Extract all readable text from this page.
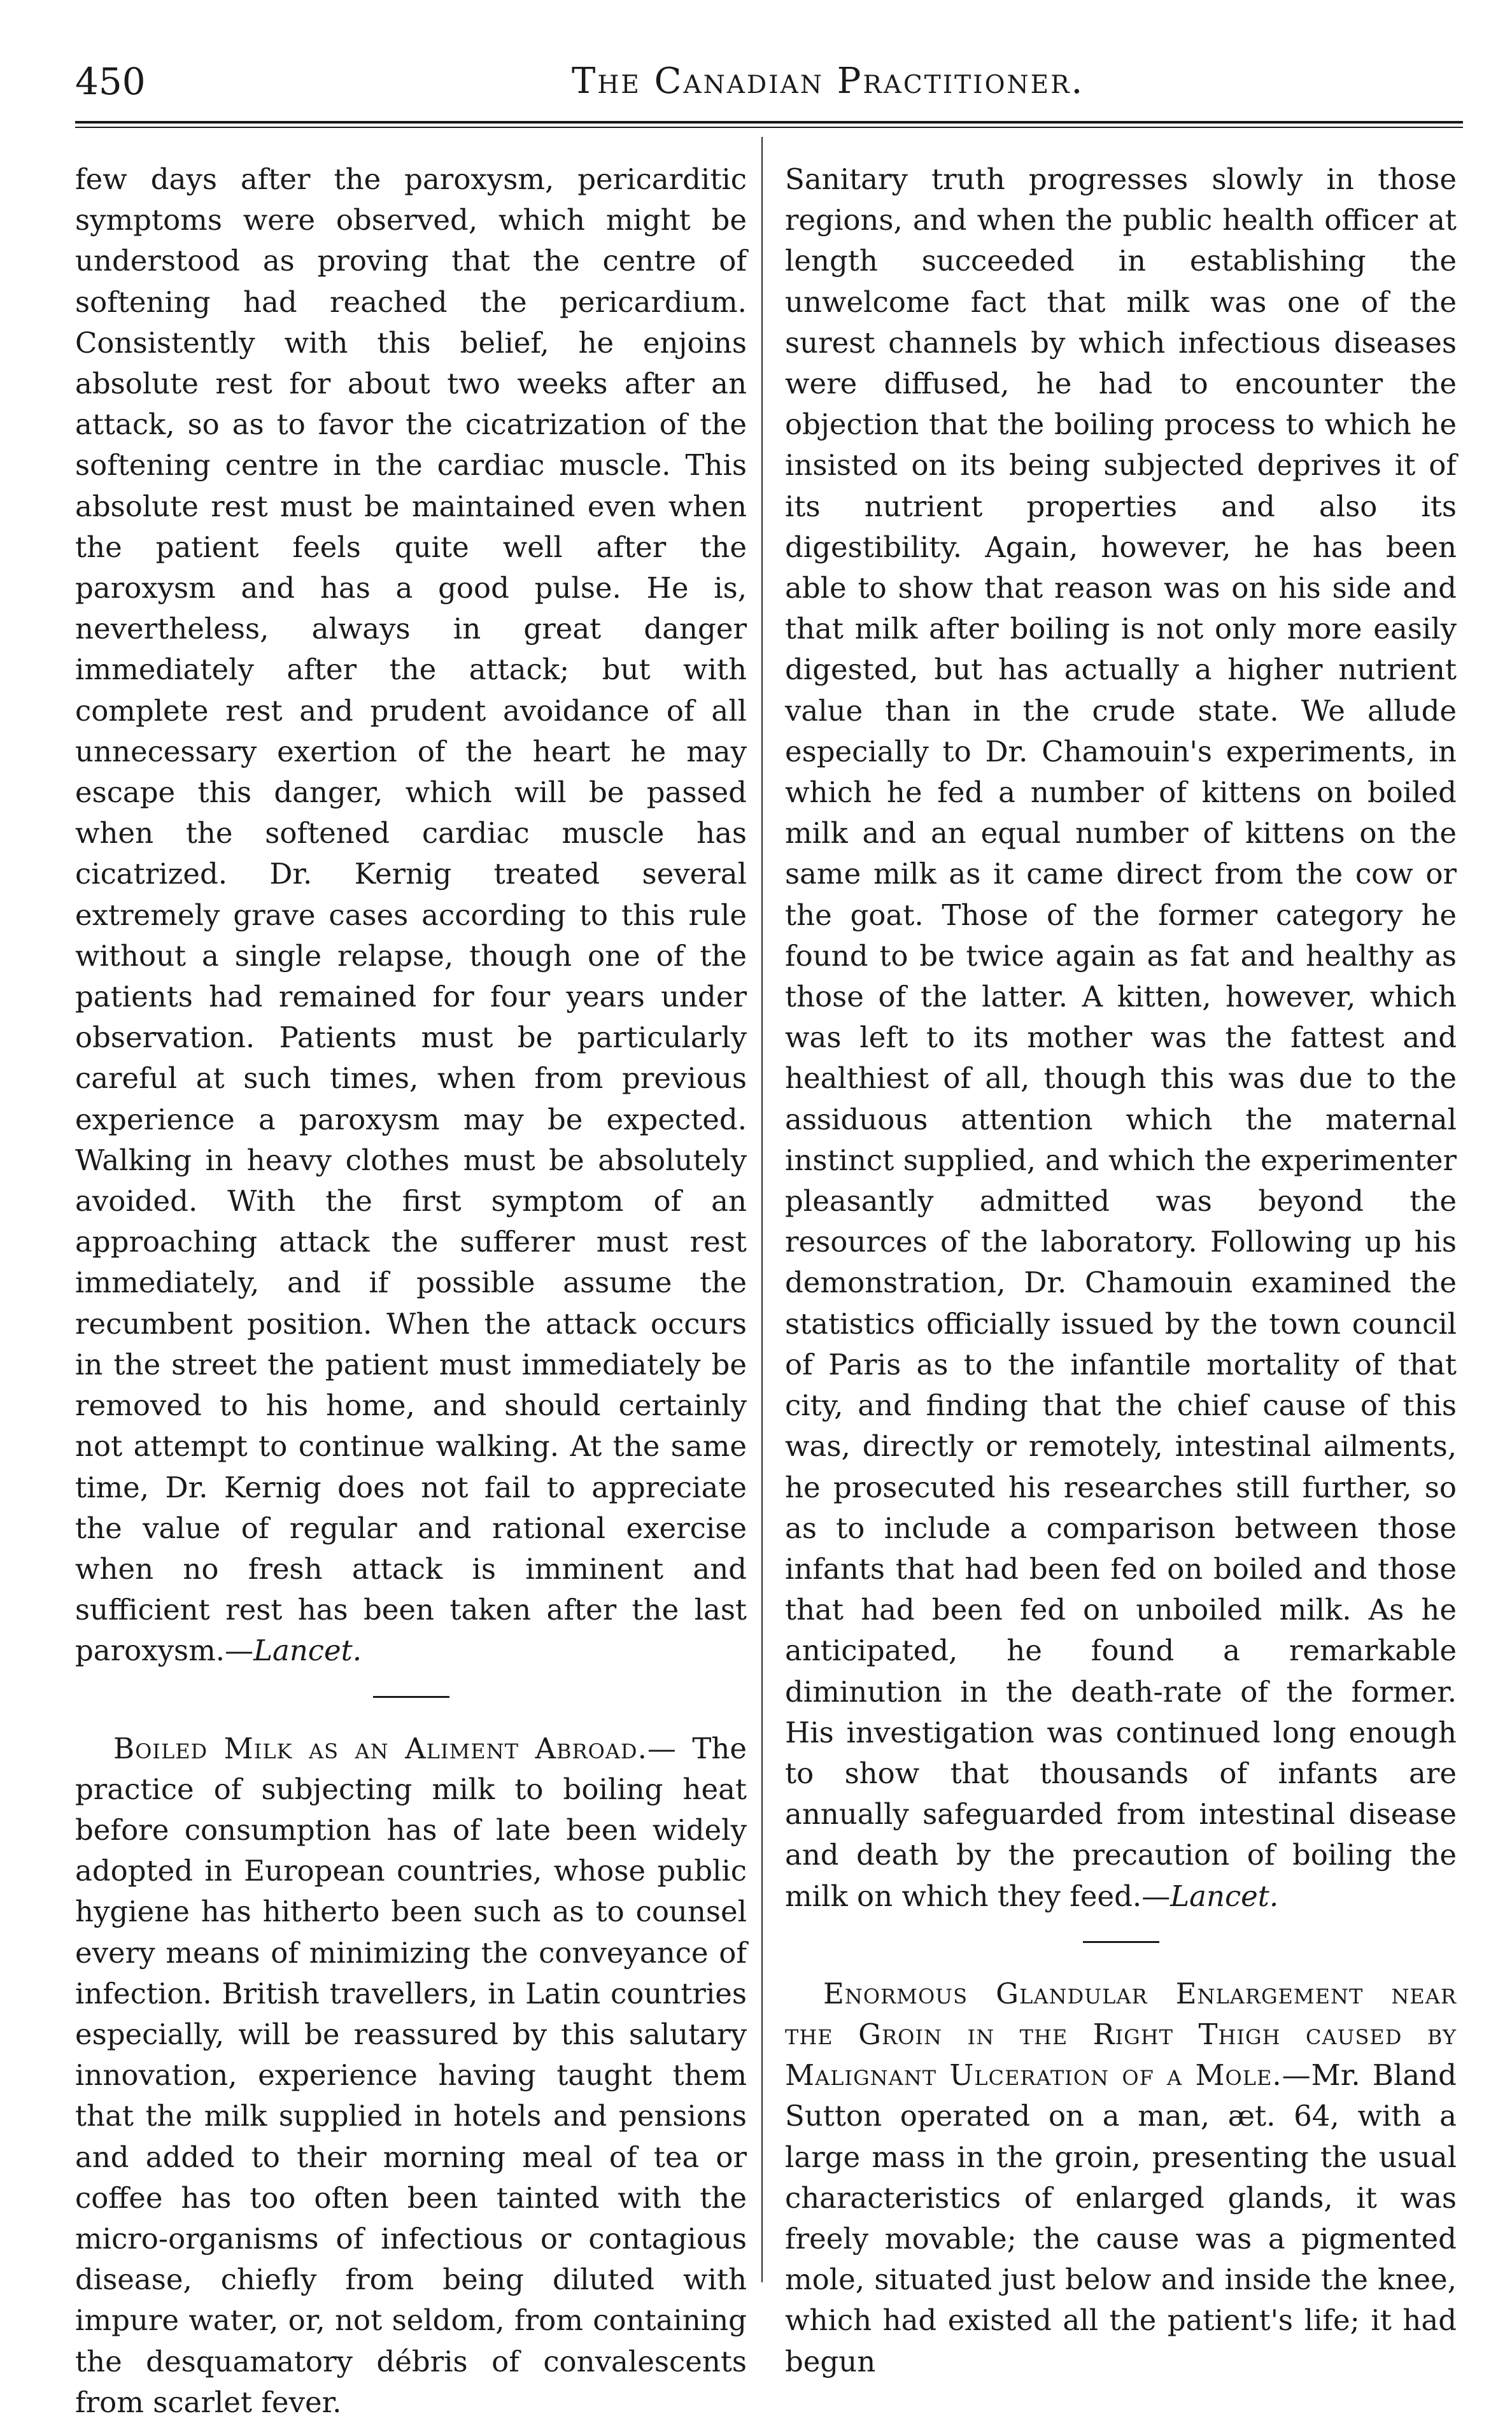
450	The Canadian Practitioner.

few days after the paroxysm, pericarditic symptoms were observed, which might be understood as proving that the centre of softening had reached the pericardium. Consistently with this belief, he enjoins absolute rest for about two weeks after an attack, so as to favor the cicatrization of the softening centre in the cardiac muscle. This absolute rest must be maintained even when the patient feels quite well after the paroxysm and has a good pulse. He is, nevertheless, always in great danger immediately after the attack; but with complete rest and prudent avoidance of all unnecessary exertion of the heart he may escape this danger, which will be passed when the softened cardiac muscle has cicatrized. Dr. Kernig treated several extremely grave cases according to this rule without a single relapse, though one of the patients had remained for four years under observation. Patients must be particularly careful at such times, when from previous experience a paroxysm may be expected. Walking in heavy clothes must be absolutely avoided. With the first symptom of an approaching attack the sufferer must rest immediately, and if possible assume the recumbent position. When the attack occurs in the street the patient must immediately be removed to his home, and should certainly not attempt to continue walking. At the same time, Dr. Kernig does not fail to appreciate the value of regular and rational exercise when no fresh attack is imminent and sufficient rest has been taken after the last paroxysm.—Lancet.

Boiled Milk as an Aliment Abroad.— The practice of subjecting milk to boiling heat before consumption has of late been widely adopted in European countries, whose public hygiene has hitherto been such as to counsel every means of minimizing the conveyance of infection. British travellers, in Latin countries especially, will be reassured by this salutary innovation, experience having taught them that the milk supplied in hotels and pensions and added to their morning meal of tea or coffee has too often been tainted with the micro-organisms of infectious or contagious disease, chiefly from being diluted with impure water, or, not seldom, from containing the desquamatory débris of convalescents from scarlet fever.

Sanitary truth progresses slowly in those regions, and when the public health officer at length succeeded in establishing the unwelcome fact that milk was one of the surest channels by which infectious diseases were diffused, he had to encounter the objection that the boiling process to which he insisted on its being subjected deprives it of its nutrient properties and also its digestibility. Again, however, he has been able to show that reason was on his side and that milk after boiling is not only more easily digested, but has actually a higher nutrient value than in the crude state. We allude especially to Dr. Chamouin's experiments, in which he fed a number of kittens on boiled milk and an equal number of kittens on the same milk as it came direct from the cow or the goat. Those of the former category he found to be twice again as fat and healthy as those of the latter. A kitten, however, which was left to its mother was the fattest and healthiest of all, though this was due to the assiduous attention which the maternal instinct supplied, and which the experimenter pleasantly admitted was beyond the resources of the laboratory. Following up his demonstration, Dr. Chamouin examined the statistics officially issued by the town council of Paris as to the infantile mortality of that city, and finding that the chief cause of this was, directly or remotely, intestinal ailments, he prosecuted his researches still further, so as to include a comparison between those infants that had been fed on boiled and those that had been fed on unboiled milk. As he anticipated, he found a remarkable diminution in the death-rate of the former. His investigation was continued long enough to show that thousands of infants are annually safeguarded from intestinal disease and death by the precaution of boiling the milk on which they feed.—Lancet.

Enormous Glandular Enlargement near the Groin in the Right Thigh caused by Malignant Ulceration of a Mole.—Mr. Bland Sutton operated on a man, æt. 64, with a large mass in the groin, presenting the usual characteristics of enlarged glands, it was freely movable; the cause was a pigmented mole, situated just below and inside the knee, which had existed all the patient's life; it had begun
